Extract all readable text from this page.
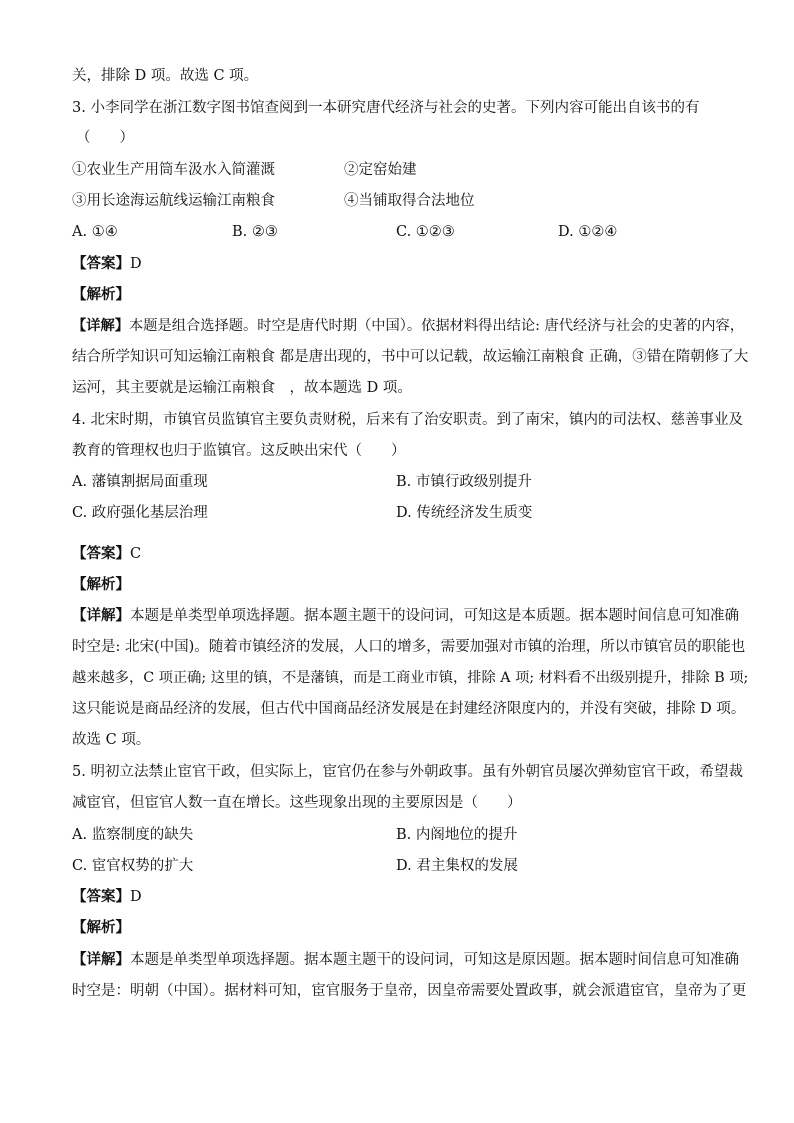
关，排除 D 项。故选 C 项。
3. 小李同学在浙江数字图书馆查阅到一本研究唐代经济与社会的史著。下列内容可能出自该书的有
（　　）
①农业生产用筒车汲水入简灌溉	②定窑始建
③用长途海运航线运输江南粮食	④当铺取得合法地位
A. ①④	B. ②③	C. ①②③	D. ①②④
【答案】D
【解析】
【详解】本题是组合选择题。时空是唐代时期（中国）。依据材料得出结论: 唐代经济与社会的史著的内容，
结合所学知识可知运输江南粮食 都是唐出现的，书中可以记载，故运输江南粮食 正确，③错在隋朝修了大
运河，其主要就是运输江南粮食　，故本题选 D 项。
4. 北宋时期，市镇官员监镇官主要负责财税，后来有了治安职责。到了南宋，镇内的司法权、慈善事业及
教育的管理权也归于监镇官。这反映出宋代（　　）
A. 藩镇割据局面重现	B. 市镇行政级别提升
C. 政府强化基层治理	D. 传统经济发生质变
【答案】C
【解析】
【详解】本题是单类型单项选择题。据本题主题干的设问词，可知这是本质题。据本题时间信息可知准确
时空是: 北宋(中国)。随着市镇经济的发展，人口的增多，需要加强对市镇的治理，所以市镇官员的职能也
越来越多，C 项正确; 这里的镇，不是藩镇，而是工商业市镇，排除 A 项; 材料看不出级别提升，排除 B 项;
这只能说是商品经济的发展，但古代中国商品经济发展是在封建经济限度内的，并没有突破，排除 D 项。
故选 C 项。
5. 明初立法禁止宦官干政，但实际上，宦官仍在参与外朝政事。虽有外朝官员屡次弹劾宦官干政，希望裁
减宦官，但宦官人数一直在增长。这些现象出现的主要原因是（　　）
A. 监察制度的缺失	B. 内阁地位的提升
C. 宦官权势的扩大	D. 君主集权的发展
【答案】D
【解析】
【详解】本题是单类型单项选择题。据本题主题干的设问词，可知这是原因题。据本题时间信息可知准确
时空是：明朝（中国）。据材料可知，宦官服务于皇帝，因皇帝需要处置政事，就会派遣宦官，皇帝为了更
